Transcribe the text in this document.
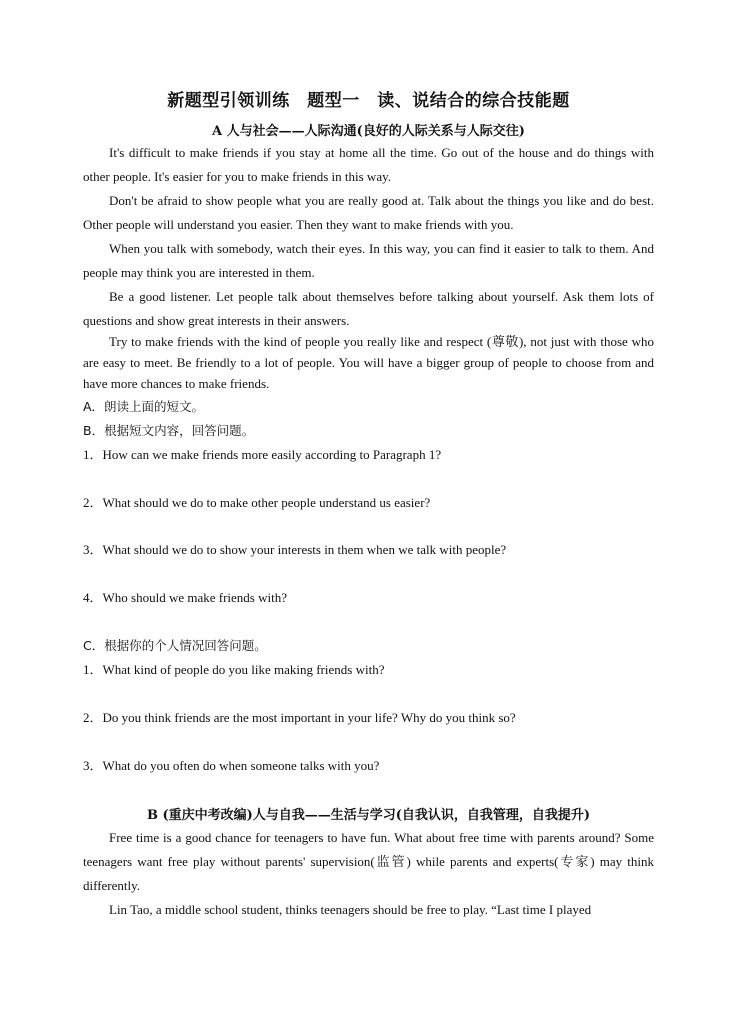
新题型引领训练　题型一　读、说结合的综合技能题
A 人与社会——人际沟通(良好的人际关系与人际交往)
It's difficult to make friends if you stay at home all the time. Go out of the house and do things with other people. It's easier for you to make friends in this way.
Don't be afraid to show people what you are really good at. Talk about the things you like and do best. Other people will understand you easier. Then they want to make friends with you.
When you talk with somebody, watch their eyes. In this way, you can find it easier to talk to them. And people may think you are interested in them.
Be a good listener. Let people talk about themselves before talking about yourself. Ask them lots of questions and show great interests in their answers.
Try to make friends with the kind of people you really like and respect (尊敬), not just with those who are easy to meet. Be friendly to a lot of people. You will have a bigger group of people to choose from and have more chances to make friends.
A．朗读上面的短文。
B．根据短文内容，回答问题。
1．How can we make friends more easily according to Paragraph 1?
2．What should we do to make other people understand us easier?
3．What should we do to show your interests in them when we talk with people?
4．Who should we make friends with?
C．根据你的个人情况回答问题。
1．What kind of people do you like making friends with?
2．Do you think friends are the most important in your life? Why do you think so?
3．What do you often do when someone talks with you?
B (重庆中考改编)人与自我——生活与学习(自我认识，自我管理，自我提升)
Free time is a good chance for teenagers to have fun. What about free time with parents around? Some teenagers want free play without parents' supervision(监管) while parents and experts(专家) may think differently.
Lin Tao, a middle school student, thinks teenagers should be free to play. “Last time I played
